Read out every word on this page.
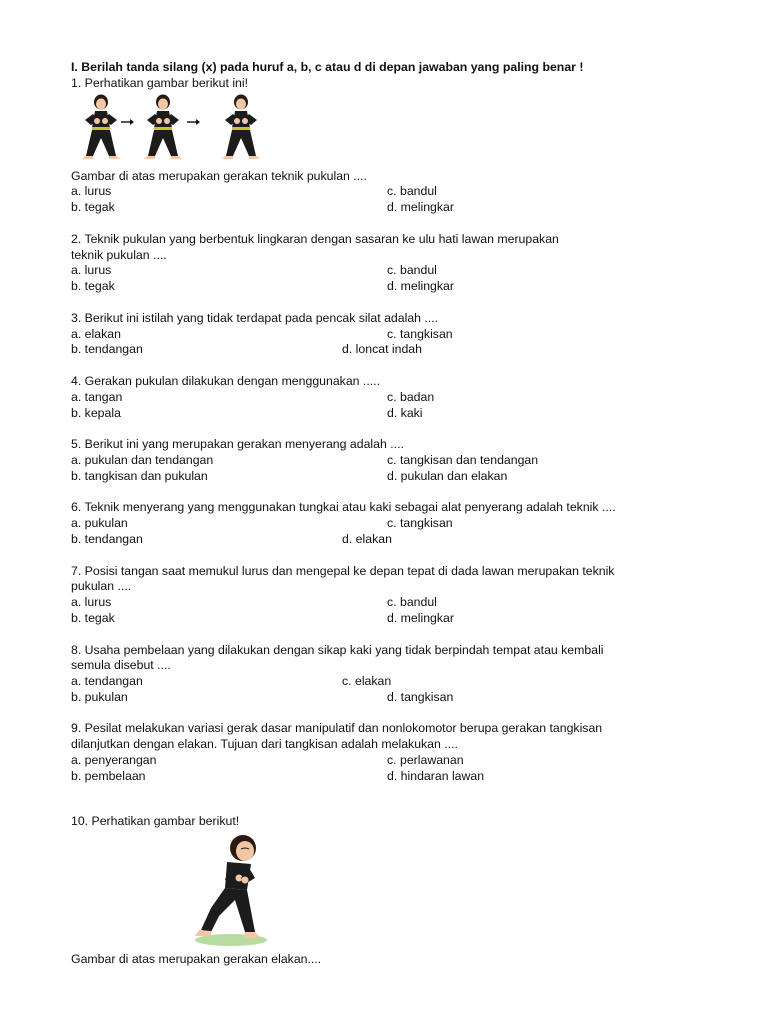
I. Berilah tanda silang (x) pada huruf a, b, c atau d di depan jawaban yang paling benar !
1. Perhatikan gambar berikut ini!
Gambar di atas merupakan gerakan teknik pukulan ....
a. lurus	c. bandul
b. tegak	d. melingkar
2. Teknik pukulan yang berbentuk lingkaran dengan sasaran ke ulu hati lawan merupakan
teknik pukulan ....
a. lurus	c. bandul
b. tegak	d. melingkar
3. Berikut ini istilah yang tidak terdapat pada pencak silat adalah ....
a. elakan	c. tangkisan
b. tendangan	d. loncat indah
4. Gerakan pukulan dilakukan dengan menggunakan .....
a. tangan	c. badan
b. kepala	d. kaki
5. Berikut ini yang merupakan gerakan menyerang adalah ....
a. pukulan dan tendangan	c. tangkisan dan tendangan
b. tangkisan dan pukulan	d. pukulan dan elakan
6. Teknik menyerang yang menggunakan tungkai atau kaki sebagai alat penyerang adalah teknik ....
a. pukulan	c. tangkisan
b. tendangan	d. elakan
7. Posisi tangan saat memukul lurus dan mengepal ke depan tepat di dada lawan merupakan teknik
pukulan ....
a. lurus	c. bandul
b. tegak	d. melingkar
8. Usaha pembelaan yang dilakukan dengan sikap kaki yang tidak berpindah tempat atau kembali
semula disebut ....
a. tendangan	c. elakan
b. pukulan	d. tangkisan
9. Pesilat melakukan variasi gerak dasar manipulatif dan nonlokomotor berupa gerakan tangkisan
dilanjutkan dengan elakan. Tujuan dari tangkisan adalah melakukan ....
a. penyerangan	c. perlawanan
b. pembelaan	d. hindaran lawan
10. Perhatikan gambar berikut!
Gambar di atas merupakan gerakan elakan....
